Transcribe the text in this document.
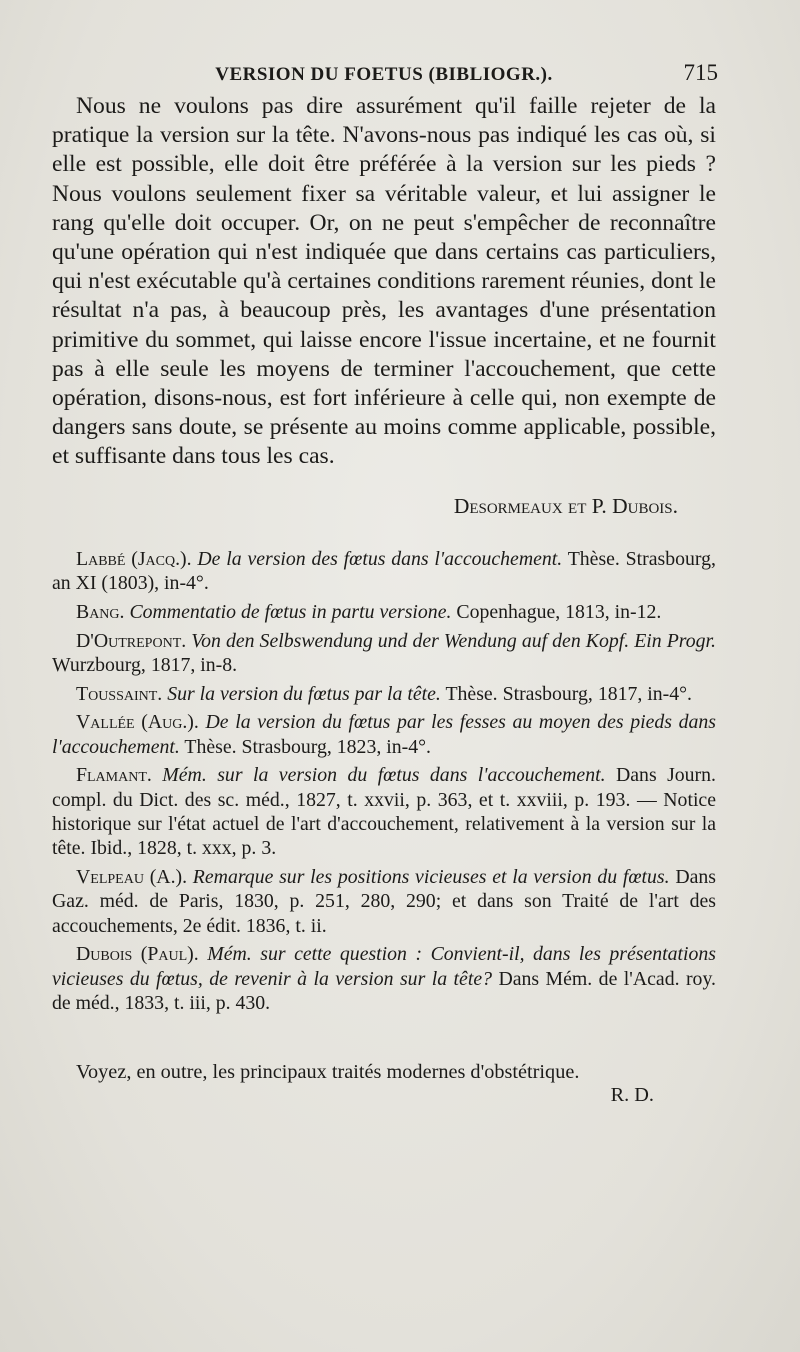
VERSION DU FOETUS (BIBLIOGR.).	715

Nous ne voulons pas dire assurément qu'il faille rejeter de la pratique la version sur la tête. N'avons-nous pas indiqué les cas où, si elle est possible, elle doit être préférée à la version sur les pieds ? Nous voulons seulement fixer sa véritable valeur, et lui assigner le rang qu'elle doit occuper. Or, on ne peut s'empêcher de reconnaître qu'une opération qui n'est indiquée que dans certains cas particuliers, qui n'est exécutable qu'à certaines conditions rarement réunies, dont le résultat n'a pas, à beaucoup près, les avantages d'une présentation primitive du sommet, qui laisse encore l'issue incertaine, et ne fournit pas à elle seule les moyens de terminer l'accouchement, que cette opération, disons-nous, est fort inférieure à celle qui, non exempte de dangers sans doute, se présente au moins comme applicable, possible, et suffisante dans tous les cas.

Desormeaux et P. Dubois.

Labbé (Jacq.). De la version des fœtus dans l'accouchement. Thèse. Strasbourg, an XI (1803), in-4°.

Bang. Commentatio de fœtus in partu versione. Copenhague, 1813, in-12.

D'Outrepont. Von den Selbswendung und der Wendung auf den Kopf. Ein Progr. Wurzbourg, 1817, in-8.

Toussaint. Sur la version du fœtus par la tête. Thèse. Strasbourg, 1817, in-4°.

Vallée (Aug.). De la version du fœtus par les fesses au moyen des pieds dans l'accouchement. Thèse. Strasbourg, 1823, in-4°.

Flamant. Mém. sur la version du fœtus dans l'accouchement. Dans Journ. compl. du Dict. des sc. méd., 1827, t. xxvii, p. 363, et t. xxviii, p. 193. — Notice historique sur l'état actuel de l'art d'accouchement, relativement à la version sur la tête. Ibid., 1828, t. xxx, p. 3.

Velpeau (A.). Remarque sur les positions vicieuses et la version du fœtus. Dans Gaz. méd. de Paris, 1830, p. 251, 280, 290; et dans son Traité de l'art des accouchements, 2e édit. 1836, t. ii.

Dubois (Paul). Mém. sur cette question : Convient-il, dans les présentations vicieuses du fœtus, de revenir à la version sur la tête? Dans Mém. de l'Acad. roy. de méd., 1833, t. iii, p. 430.

Voyez, en outre, les principaux traités modernes d'obstétrique.

R. D.
